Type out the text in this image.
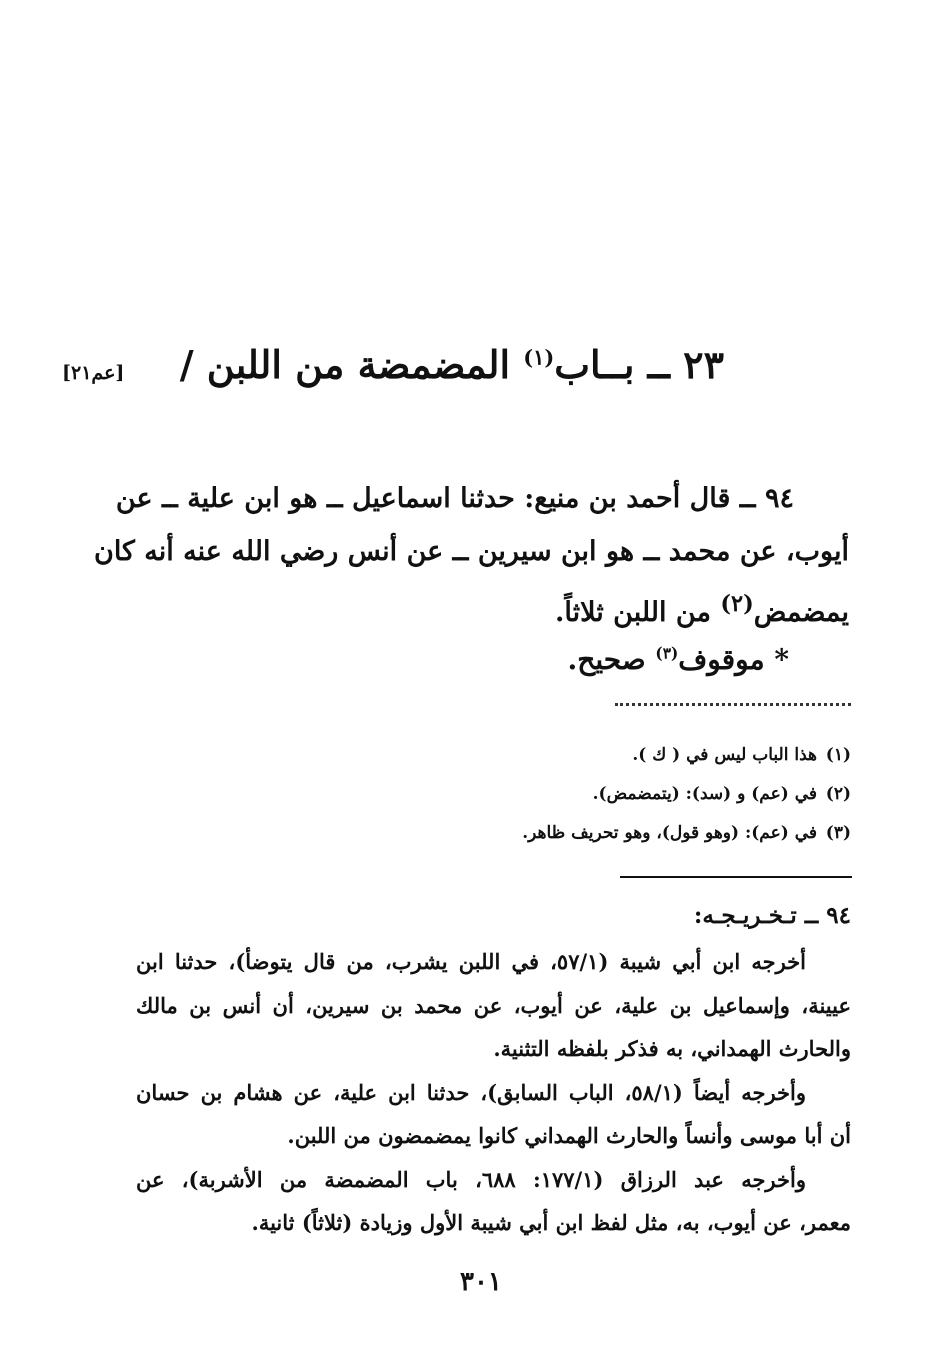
٢٣ ــ بــاب$^{(١)}$ المضمضة من اللبن /
[عم٢١]
٩٤ ــ قال أحمد بن منيع: حدثنا اسماعيل ــ هو ابن علية ــ عن
أيوب، عن محمد ــ هو ابن سيرين ــ عن أنس رضي الله عنه أنه كان
يمضمض$^{(٢)}$ من اللبن ثلاثاً.
* موقوف$^{(٣)}$ صحيح.
(١)هذا الباب ليس في ( ك ).
(٢)في (عم) و (سد): (يتمضمض).
(٣)في (عم): (وهو قول)، وهو تحريف ظاهر.
٩٤ ــ تـخـريـجـه:
أخرجه ابن أبي شيبة (٥٧/١، في اللبن يشرب، من قال يتوضأ)، حدثنا ابن
عيينة، وإسماعيل بن علية، عن أيوب، عن محمد بن سيرين، أن أنس بن مالك
والحارث الهمداني، به فذكر بلفظه التثنية.
وأخرجه أيضاً (٥٨/١، الباب السابق)، حدثنا ابن علية، عن هشام بن حسان
أن أبا موسى وأنساً والحارث الهمداني كانوا يمضمضون من اللبن.
وأخرجه عبد الرزاق (١٧٧/١: ٦٨٨، باب المضمضة من الأشربة)، عن
معمر، عن أيوب، به، مثل لفظ ابن أبي شيبة الأول وزيادة (ثلاثاً) ثانية.
٣٠١
